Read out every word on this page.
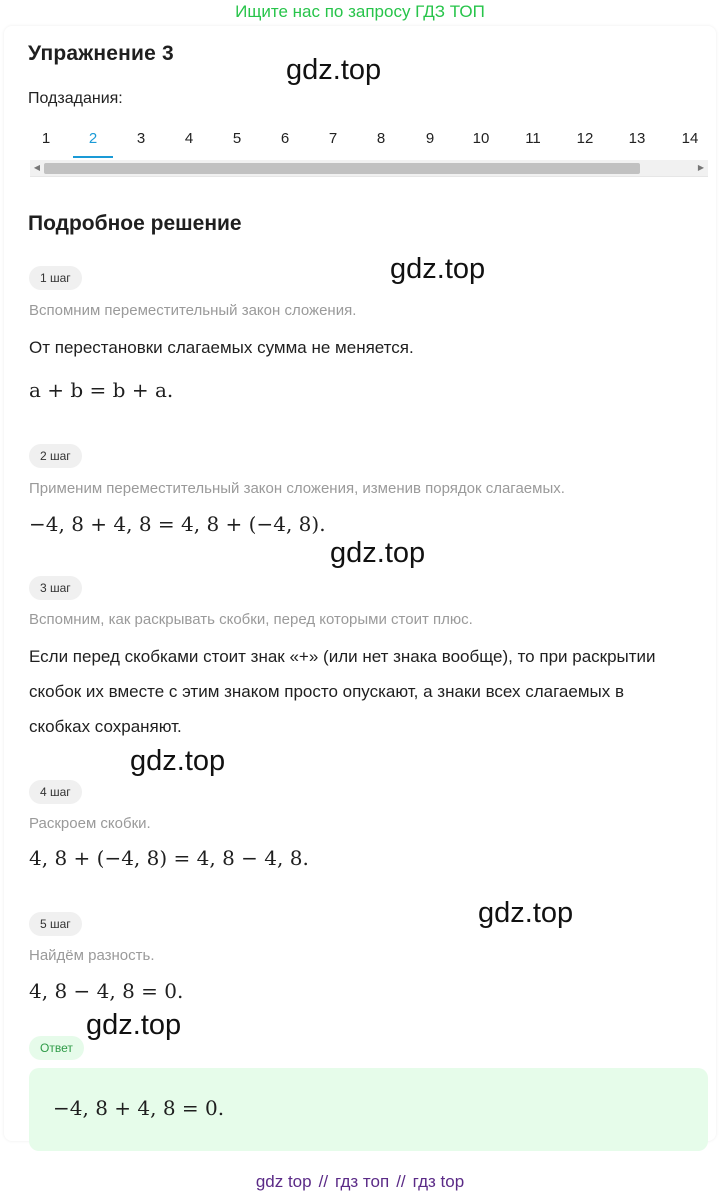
Ищите нас по запросу ГДЗ ТОП
Упражнение 3
Подзадания:
1	2	3	4	5	6	7	8	9	10	11	12	13	14
◀	▶
Подробное решение
1 шаг
Вспомним переместительный закон сложения.
От перестановки слагаемых сумма не меняется.
a + b = b + a.
2 шаг
Применим переместительный закон сложения, изменив порядок слагаемых.
−4, 8 + 4, 8 = 4, 8 + (−4, 8).
3 шаг
Вспомним, как раскрывать скобки, перед которыми стоит плюс.
Если перед скобками стоит знак «+» (или нет знака вообще), то при раскрытии скобок их вместе с этим знаком просто опускают, а знаки всех слагаемых в скобках сохраняют.
4 шаг
Раскроем скобки.
4, 8 + (−4, 8) = 4, 8 − 4, 8.
5 шаг
Найдём разность.
4, 8 − 4, 8 = 0.
Ответ
−4, 8 + 4, 8 = 0.
gdz.top
gdz.top
gdz.top
gdz.top
gdz.top
gdz.top
gdz top // гдз топ // гдз top
